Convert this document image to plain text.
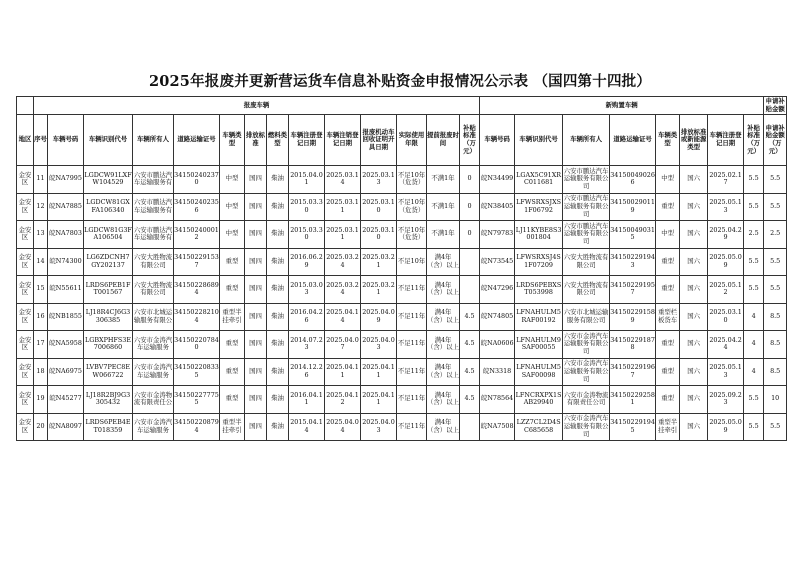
2025年报废并更新营运货车信息补贴资金申报情况公示表 （国四第十四批）
	报废车辆														新购置车辆								申请补贴金额
地区	序号	车辆号码	车辆识别代号	车辆所有人	道路运输证号	车辆类型	排放标准	燃料类型	车辆注册登记日期	车辆注销登记日期	报废机动车回收证明开具日期	实际使用年限	提前报废时间	补贴标准（万元）	车辆号码	车辆识别代号	车辆所有人	道路运输证号	车辆类型	排放标准或新能源类型	车辆注册登记日期	补贴标准（万元）	申请补贴金额（万元）
金安区	11	皖NA7995	LGDCW91LXFW104529	六安市鹏达汽车运输服务有	341502402370	中型	国四	柴油	2015.04.01	2025.03.14	2025.03.13	不足10年（危货）	不满1年	0	皖N34499	LGAX5C91XRC011681	六安市鹏达汽车运输服务有限公司	341500490266	中型	国六	2025.02.17	5.5	5.5
金安区	12	皖NA7885	LGDCW81GXFA106340	六安市鹏达汽车运输服务有	341502402356	中型	国四	柴油	2015.03.30	2025.03.11	2025.03.10	不足10年（危货）	不满1年	0	皖N38405	LFWSRXSJXS1F06792	六安市鹏达汽车运输服务有限公司	341500290119	重型	国六	2025.05.13	5.5	5.5
金安区	13	皖NA7803	LGDCW81G3FA106504	六安市鹏达汽车运输服务有	341502400012	中型	国四	柴油	2015.03.30	2025.03.11	2025.03.10	不足10年（危货）	不满1年	0	皖N79783	LJ11KYBE8S3001804	六安市鹏达汽车运输服务有限公司	341500490315	中型	国六	2025.04.29	2.5	2.5
金安区	14	皖N74300	LG6ZDCNH7GY202137	六安大胜物流有限公司	341502291537	重型	国四	柴油	2016.06.29	2025.03.24	2025.03.21	不足10年	满4年（含）以上		皖N73545	LFWSRXSJ4S1F07209	六安大胜物流有限公司	341502291943	重型	国六	2025.05.09	5.5	5.5
金安区	15	皖N55611	LRDS6PEB1FT001567	六安大胜物流有限公司	341502286894	重型	国四	柴油	2015.03.03	2025.03.24	2025.03.21	不足11年	满4年（含）以上		皖N47296	LRDS6PEBXST053998	六安大胜物流有限公司	341502291957	重型	国六	2025.05.12	5.5	5.5
金安区	16	皖NB1855	LJ18R4CJ6G3306385	六安市北城运输服务有限公	341502282104	重型半挂牵引	国四	柴油	2016.04.26	2025.04.14	2025.04.09	不足11年	满4年（含）以上	4.5	皖N74805	LFNAHULM5RAF00192	六安市北城运输服务有限公司	341502291589	重型栏板货车	国六	2025.03.10	4	8.5
金安区	17	皖NA5958	LGBXPHFS3E7006860	六安市金涛汽车运输服务	341502207840	重型	国四	柴油	2014.07.23	2025.04.07	2025.04.03	不足11年	满4年（含）以上	4.5	皖NA0606	LFNAHULM9SAF00055	六安市金涛汽车运输服务有限公司	341502291878	重型	国六	2025.04.24	4	8.5
金安区	18	皖NA6975	LVBV7PEC8EW066722	六安市金涛汽车运输服务	341502208335	重型	国四	柴油	2014.12.26	2025.04.11	2025.04.11	不足11年	满4年（含）以上	4.5	皖N3318	LFNAHULM5SAF00098	六安市金涛汽车运输服务有限公司	341502291967	重型	国六	2025.05.13	4	8.5
金安区	19	皖N45277	LJ18R2BJ9G3305432	六安市金涛物流有限责任公	341502277755	重型	国四	柴油	2016.04.11	2025.04.12	2025.04.11	不足11年	满4年（含）以上	4.5	皖N78564	LFNCRXPX1SAB29940	六安市金涛物流有限责任公司	341502292581	重型	国六	2025.09.23	5.5	10
金安区	20	皖NA8097	LRDS6PEB4ET018359	六安市金涛汽车运输服务	341502208794	重型半挂牵引	国四	柴油	2015.04.14	2025.04.04	2025.04.03	不足11年	满4年（含）以上		皖NA7508	LZZ7CL2D4SC685658	六安市金涛汽车运输服务有限公司	341502291945	重型半挂牵引	国六	2025.05.09	5.5	5.5
